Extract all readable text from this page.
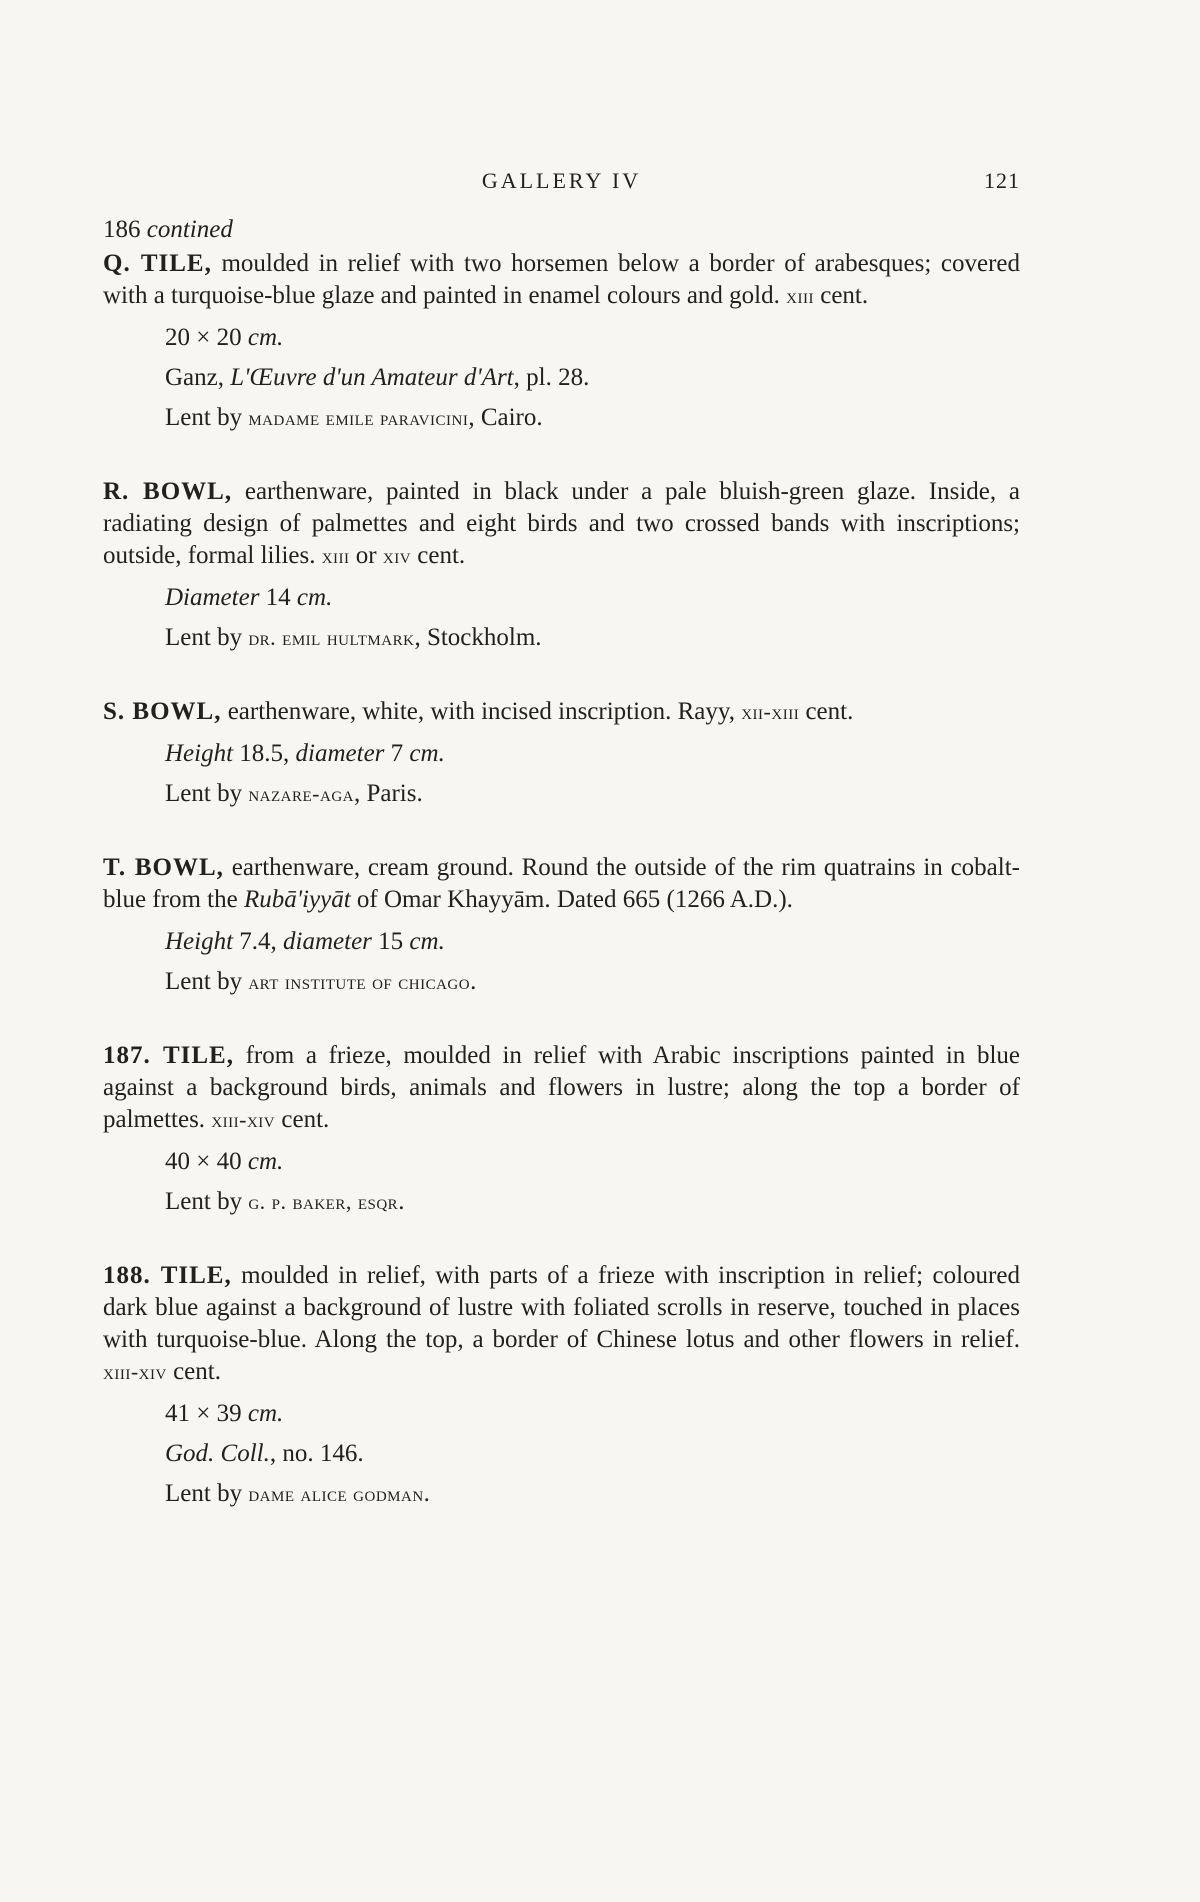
GALLERY IV	121

186 contined

Q. TILE, moulded in relief with two horsemen below a border of arabesques; covered with a turquoise-blue glaze and painted in enamel colours and gold. xiii cent.

20 × 20 cm.

Ganz, L'Œuvre d'un Amateur d'Art, pl. 28.

Lent by madame emile paravicini, Cairo.

R. BOWL, earthenware, painted in black under a pale bluish-green glaze. Inside, a radiating design of palmettes and eight birds and two crossed bands with inscriptions; outside, formal lilies. xiii or xiv cent.

Diameter 14 cm.

Lent by dr. emil hultmark, Stockholm.

S. BOWL, earthenware, white, with incised inscription. Rayy, xii-xiii cent.

Height 18.5, diameter 7 cm.

Lent by nazare-aga, Paris.

T. BOWL, earthenware, cream ground. Round the outside of the rim quatrains in cobalt-blue from the Rubā'iyyāt of Omar Khayyām. Dated 665 (1266 A.D.).

Height 7.4, diameter 15 cm.

Lent by art institute of chicago.

187. TILE, from a frieze, moulded in relief with Arabic inscriptions painted in blue against a background birds, animals and flowers in lustre; along the top a border of palmettes. xiii-xiv cent.

40 × 40 cm.

Lent by g. p. baker, esqr.

188. TILE, moulded in relief, with parts of a frieze with inscription in relief; coloured dark blue against a background of lustre with foliated scrolls in reserve, touched in places with turquoise-blue. Along the top, a border of Chinese lotus and other flowers in relief. xiii-xiv cent.

41 × 39 cm.

God. Coll., no. 146.

Lent by dame alice godman.
